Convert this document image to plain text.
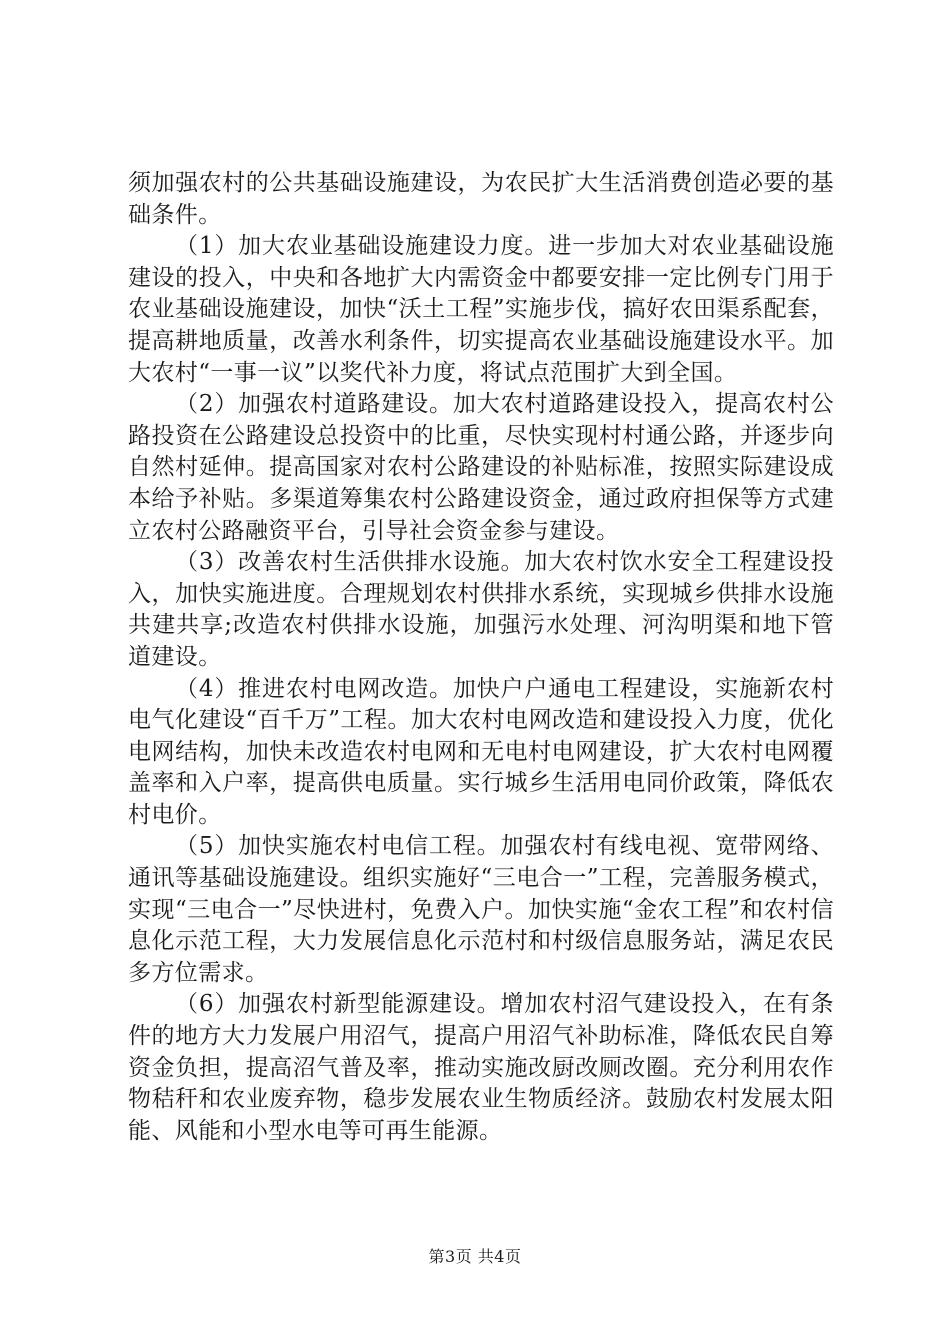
须加强农村的公共基础设施建设，为农民扩大生活消费创造必要的基础条件。

（1）加大农业基础设施建设力度。进一步加大对农业基础设施建设的投入，中央和各地扩大内需资金中都要安排一定比例专门用于农业基础设施建设，加快“沃土工程”实施步伐，搞好农田渠系配套，提高耕地质量，改善水利条件，切实提高农业基础设施建设水平。加大农村“一事一议”以奖代补力度，将试点范围扩大到全国。

（2）加强农村道路建设。加大农村道路建设投入，提高农村公路投资在公路建设总投资中的比重，尽快实现村村通公路，并逐步向自然村延伸。提高国家对农村公路建设的补贴标准，按照实际建设成本给予补贴。多渠道筹集农村公路建设资金，通过政府担保等方式建立农村公路融资平台，引导社会资金参与建设。

（3）改善农村生活供排水设施。加大农村饮水安全工程建设投入，加快实施进度。合理规划农村供排水系统，实现城乡供排水设施共建共享;改造农村供排水设施，加强污水处理、河沟明渠和地下管道建设。

（4）推进农村电网改造。加快户户通电工程建设，实施新农村电气化建设“百千万”工程。加大农村电网改造和建设投入力度，优化电网结构，加快未改造农村电网和无电村电网建设，扩大农村电网覆盖率和入户率，提高供电质量。实行城乡生活用电同价政策，降低农村电价。

（5）加快实施农村电信工程。加强农村有线电视、宽带网络、通讯等基础设施建设。组织实施好“三电合一”工程，完善服务模式，实现“三电合一”尽快进村，免费入户。加快实施“金农工程”和农村信息化示范工程，大力发展信息化示范村和村级信息服务站，满足农民多方位需求。

（6）加强农村新型能源建设。增加农村沼气建设投入，在有条件的地方大力发展户用沼气，提高户用沼气补助标准，降低农民自筹资金负担，提高沼气普及率，推动实施改厨改厕改圈。充分利用农作物秸秆和农业废弃物，稳步发展农业生物质经济。鼓励农村发展太阳能、风能和小型水电等可再生能源。

第3页 共4页
